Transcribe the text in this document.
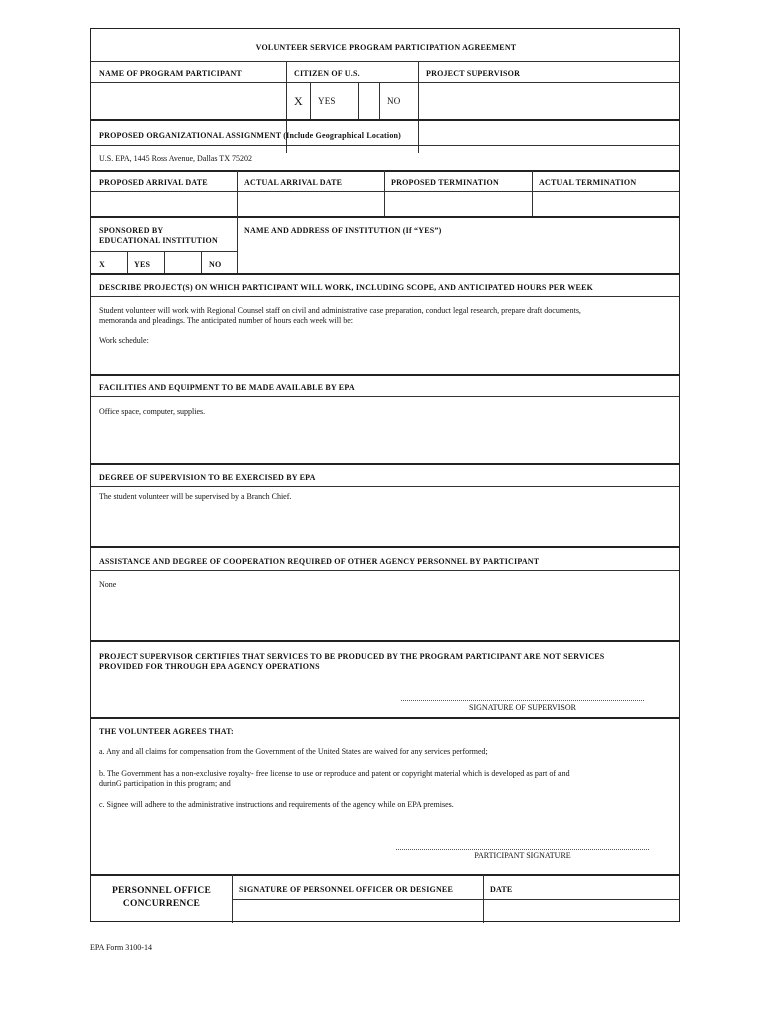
VOLUNTEER SERVICE PROGRAM PARTICIPATION AGREEMENT
NAME OF PROGRAM PARTICIPANT	CITIZEN OF U.S.	PROJECT SUPERVISOR
X YES	NO
PROPOSED ORGANIZATIONAL ASSIGNMENT (Include Geographical Location)
U.S. EPA, 1445 Ross Avenue, Dallas TX 75202
PROPOSED ARRIVAL DATE	ACTUAL ARRIVAL DATE	PROPOSED TERMINATION	ACTUAL TERMINATION
SPONSORED BY
EDUCATIONAL INSTITUTION
NAME AND ADDRESS OF INSTITUTION (If “YES”)
X	YES	NO
DESCRIBE PROJECT(S) ON WHICH PARTICIPANT WILL WORK, INCLUDING SCOPE, AND ANTICIPATED HOURS PER WEEK
Student volunteer will work with Regional Counsel staff on civil and administrative case preparation, conduct legal research, prepare draft documents,
memoranda and pleadings. The anticipated number of hours each week will be:
Work schedule:
FACILITIES AND EQUIPMENT TO BE MADE AVAILABLE BY EPA
Office space, computer, supplies.
DEGREE OF SUPERVISION TO BE EXERCISED BY EPA
The student volunteer will be supervised by a Branch Chief.
ASSISTANCE AND DEGREE OF COOPERATION REQUIRED OF OTHER AGENCY PERSONNEL BY PARTICIPANT
None
PROJECT SUPERVISOR CERTIFIES THAT SERVICES TO BE PRODUCED BY THE PROGRAM PARTICIPANT ARE NOT SERVICES
PROVIDED FOR THROUGH EPA AGENCY OPERATIONS
SIGNATURE OF SUPERVISOR
THE VOLUNTEER AGREES THAT:
a. Any and all claims for compensation from the Government of the United States are waived for any services performed;
b. The Government has a non-exclusive royalty- free license to use or reproduce and patent or copyright material which is developed as part of and
durinG participation in this program; and
c. Signee will adhere to the administrative instructions and requirements of the agency while on EPA premises.
PARTICIPANT SIGNATURE
PERSONNEL OFFICE
CONCURRENCE
SIGNATURE OF PERSONNEL OFFICER OR DESIGNEE	DATE
EPA Form 3100-14
